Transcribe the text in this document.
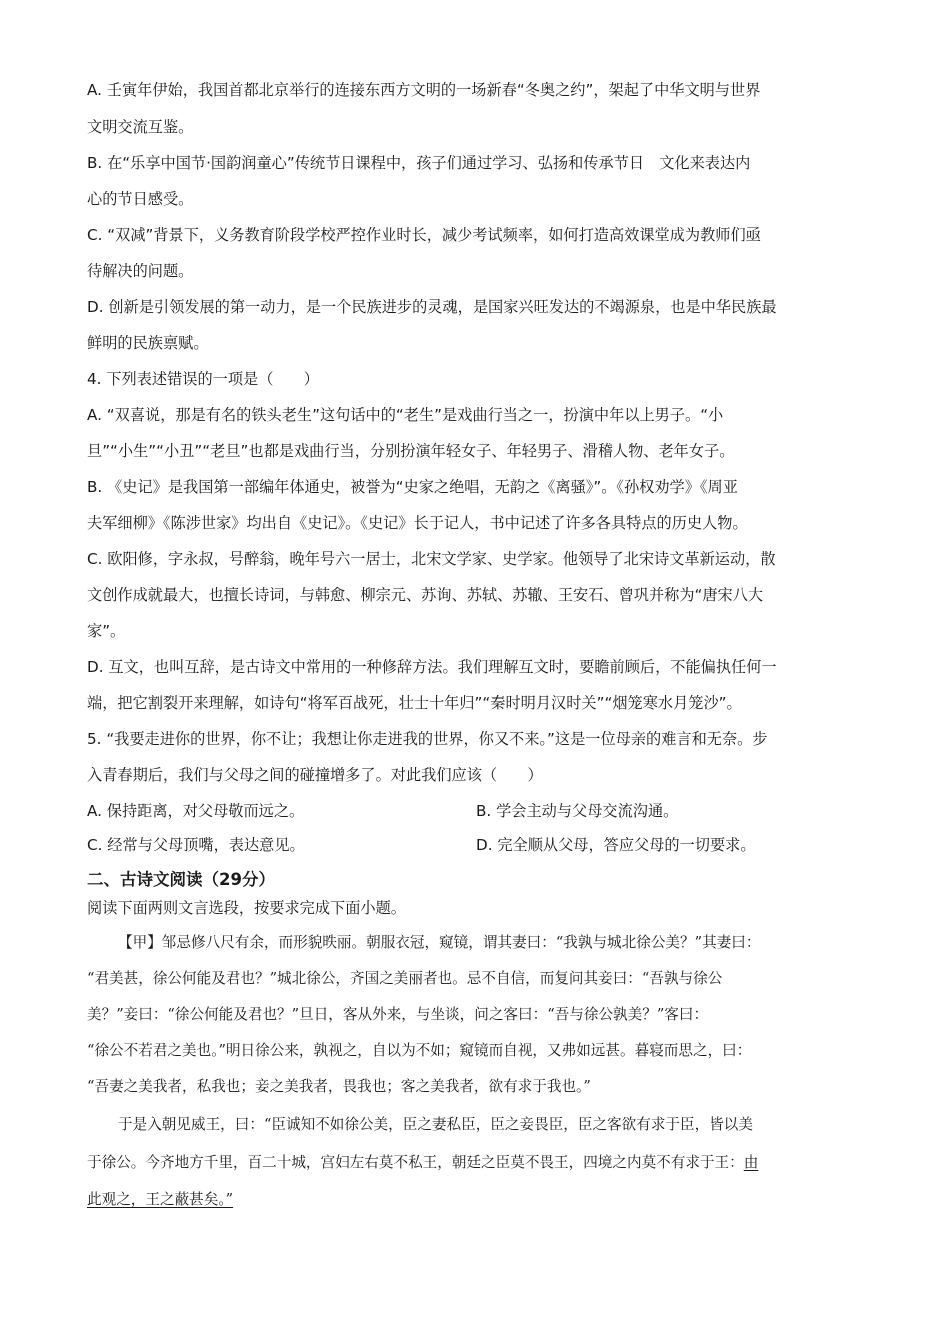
A. 壬寅年伊始，我国首都北京举行的连接东西方文明的一场新春“冬奥之约”，架起了中华文明与世界
文明交流互鉴。
B. 在“乐享中国节·国韵润童心”传统节日课程中，孩子们通过学习、弘扬和传承节日　文化来表达内
心的节日感受。
C. “双减”背景下，义务教育阶段学校严控作业时长，减少考试频率，如何打造高效课堂成为教师们亟
待解决的问题。
D. 创新是引领发展的第一动力，是一个民族进步的灵魂，是国家兴旺发达的不竭源泉，也是中华民族最
鲜明的民族禀赋。
4. 下列表述错误的一项是（　　）
A. “双喜说，那是有名的铁头老生”这句话中的“老生”是戏曲行当之一，扮演中年以上男子。“小
旦”“小生”“小丑”“老旦”也都是戏曲行当，分别扮演年轻女子、年轻男子、滑稽人物、老年女子。
B. 《史记》是我国第一部编年体通史，被誉为“史家之绝唱，无韵之《离骚》”。《孙权劝学》《周亚
夫军细柳》《陈涉世家》均出自《史记》。《史记》长于记人，书中记述了许多各具特点的历史人物。
C. 欧阳修，字永叔，号醉翁，晚年号六一居士，北宋文学家、史学家。他领导了北宋诗文革新运动，散
文创作成就最大，也擅长诗词，与韩愈、柳宗元、苏询、苏轼、苏辙、王安石、曾巩并称为“唐宋八大
家”。
D. 互文，也叫互辞，是古诗文中常用的一种修辞方法。我们理解互文时，要瞻前顾后，不能偏执任何一
端，把它割裂开来理解，如诗句“将军百战死，壮士十年归”“秦时明月汉时关”“烟笼寒水月笼沙”。
5. “我要走进你的世界，你不让；我想让你走进我的世界，你又不来。”这是一位母亲的难言和无奈。步
入青春期后，我们与父母之间的碰撞增多了。对此我们应该（　　）
A. 保持距离，对父母敬而远之。	B. 学会主动与父母交流沟通。
C. 经常与父母顶嘴，表达意见。	D. 完全顺从父母，答应父母的一切要求。
二、古诗文阅读（29分）
阅读下面两则文言选段，按要求完成下面小题。
【甲】邹忌修八尺有余，而形貌昳丽。朝服衣冠，窥镜，谓其妻曰：“我孰与城北徐公美？”其妻曰：
“君美甚，徐公何能及君也？”城北徐公，齐国之美丽者也。忌不自信，而复问其妾曰：“吾孰与徐公
美？”妾曰：“徐公何能及君也？”旦日，客从外来，与坐谈，问之客曰：“吾与徐公孰美？”客曰：
“徐公不若君之美也。”明日徐公来，孰视之，自以为不如；窥镜而自视，又弗如远甚。暮寝而思之，曰：
“吾妻之美我者，私我也；妾之美我者，畏我也；客之美我者，欲有求于我也。”
于是入朝见威王，曰：“臣诚知不如徐公美，臣之妻私臣，臣之妾畏臣，臣之客欲有求于臣，皆以美
于徐公。今齐地方千里，百二十城，宫妇左右莫不私王，朝廷之臣莫不畏王，四境之内莫不有求于王：由
此观之，王之蔽甚矣。”
